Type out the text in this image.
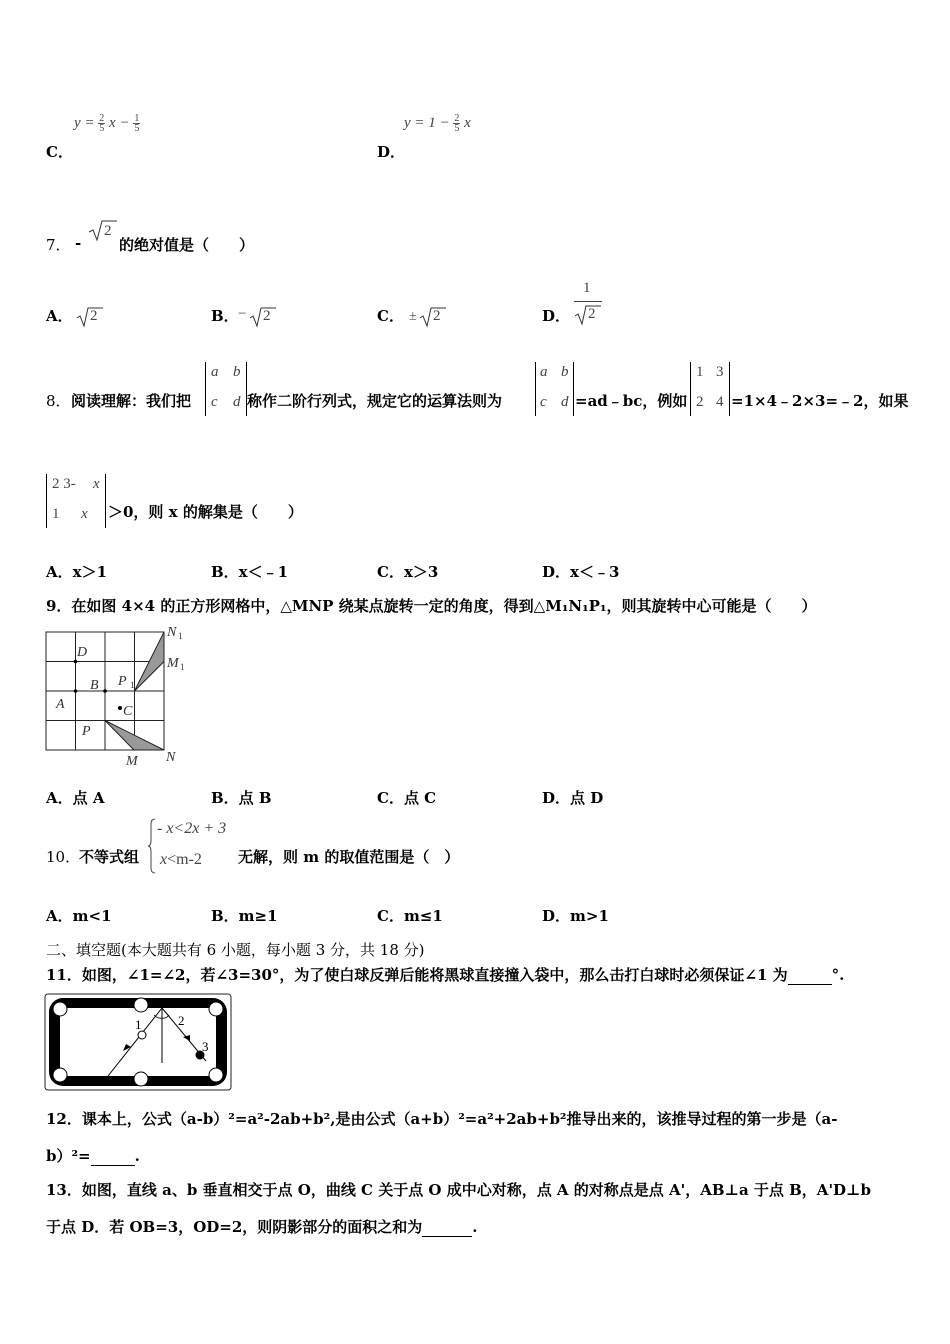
$y = \frac{2}{5}$ $x - \frac{1}{5}$
C．
$y = 1 - \frac{2}{5}$ x
D．
7． -
2
的绝对值是（　　）
A． 2	B． − 2	C． ± 2	D．
1
2
8． 阅读理解：我们把
a b
c d 称作二阶行列式，规定它的运算法则为
a b
c d =ad﹣bc，例如
1 3
2 4 =1×4﹣2×3=﹣2，如果
2 3- x
1 x ＞0，则 x 的解集是（　　）
A．x＞1	B．x＜﹣1	C．x＞3	D．x＜﹣3
9．在如图 4×4 的正方形网格中，△MNP 绕某点旋转一定的角度，得到△M₁N₁P₁，则其旋转中心可能是（　　）
D
B P 1
A	C
P
M N
N 1
M 1
A．点 A	B．点 B	C．点 C	D．点 D
10．
不等式组
- x<2x + 3
x<m-2 无解，则 m 的取值范围是（　）
A．m<1	B．m≥1	C．m≤1	D．m>1
二、填空题(本大题共有 6 小题，每小题 3 分，共 18 分)
11．如图，∠1=∠2，若∠3=30°，为了使白球反弹后能将黑球直接撞入袋中，那么击打白球时必须保证∠1 为	°.
1	2
3
12．课本上，公式（a-b）²=a²-2ab+b²,是由公式（a+b）²=a²+2ab+b²推导出来的，该推导过程的第一步是（a-
b）²=	.
13．如图，直线 a、b 垂直相交于点 O，曲线 C 关于点 O 成中心对称，点 A 的对称点是点 A'，AB⊥a 于点 B，A'D⊥b
于点 D．若 OB=3，OD=2，则阴影部分的面积之和为	.
